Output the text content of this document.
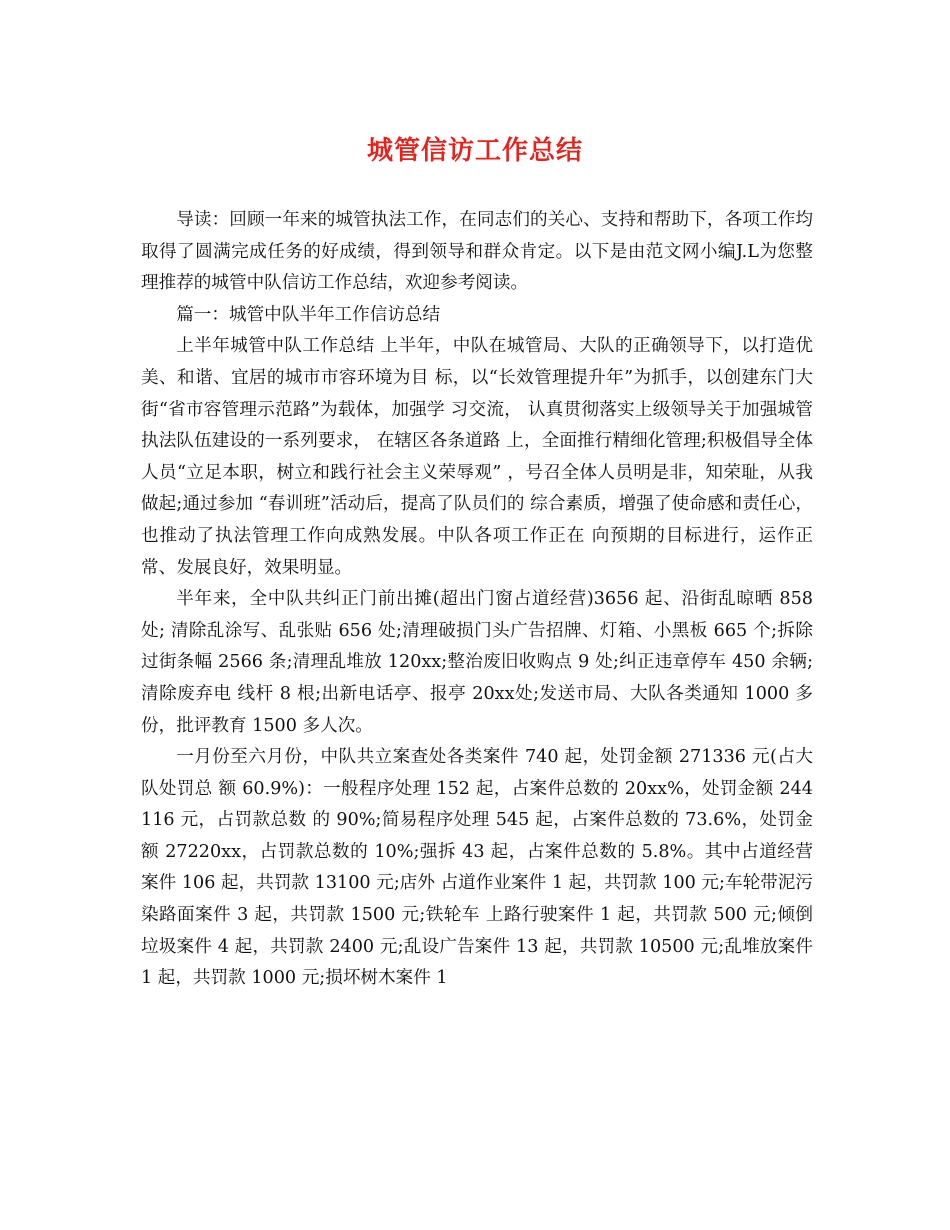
城管信访工作总结

导读：回顾一年来的城管执法工作，在同志们的关心、支持和帮助下，各项工作均取得了圆满完成任务的好成绩，得到领导和群众肯定。以下是由范文网小编J.L为您整理推荐的城管中队信访工作总结，欢迎参考阅读。

篇一：城管中队半年工作信访总结

上半年城管中队工作总结 上半年，中队在城管局、大队的正确领导下，以打造优美、和谐、宜居的城市市容环境为目 标，以“长效管理提升年”为抓手，以创建东门大街“省市容管理示范路”为载体，加强学 习交流， 认真贯彻落实上级领导关于加强城管执法队伍建设的一系列要求， 在辖区各条道路 上，全面推行精细化管理;积极倡导全体人员“立足本职，树立和践行社会主义荣辱观” ，号召全体人员明是非，知荣耻，从我做起;通过参加 “春训班”活动后，提高了队员们的 综合素质，增强了使命感和责任心，也推动了执法管理工作向成熟发展。中队各项工作正在 向预期的目标进行，运作正常、发展良好，效果明显。

半年来，全中队共纠正门前出摊(超出门窗占道经营)3656 起、沿街乱晾晒 858 处; 清除乱涂写、乱张贴 656 处;清理破损门头广告招牌、灯箱、小黑板 665 个;拆除过街条幅 2566 条;清理乱堆放 120xx;整治废旧收购点 9 处;纠正违章停车 450 余辆;清除废弃电 线杆 8 根;出新电话亭、报亭 20xx处;发送市局、大队各类通知 1000 多份，批评教育 1500 多人次。

一月份至六月份，中队共立案查处各类案件 740 起，处罚金额 271336 元(占大队处罚总 额 60.9%)：一般程序处理 152 起，占案件总数的 20xx%，处罚金额 244116 元，占罚款总数 的 90%;简易程序处理 545 起，占案件总数的 73.6%，处罚金额 27220xx，占罚款总数的 10%;强拆 43 起，占案件总数的 5.8%。其中占道经营案件 106 起，共罚款 13100 元;店外 占道作业案件 1 起，共罚款 100 元;车轮带泥污染路面案件 3 起，共罚款 1500 元;铁轮车 上路行驶案件 1 起，共罚款 500 元;倾倒垃圾案件 4 起，共罚款 2400 元;乱设广告案件 13 起，共罚款 10500 元;乱堆放案件 1 起，共罚款 1000 元;损坏树木案件 1
